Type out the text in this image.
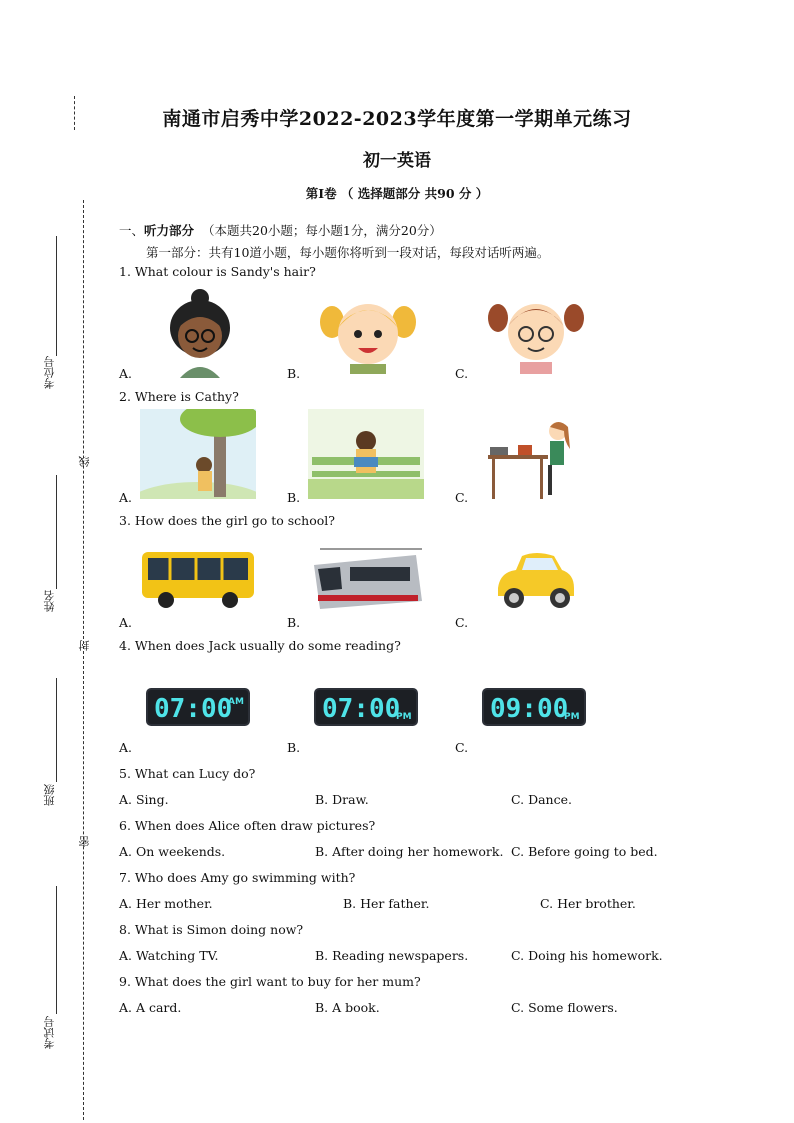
考位号
线
姓名
封
班级
密
考试号
南通市启秀中学2022-2023学年度第一学期单元练习
初一英语
第Ⅰ卷 （ 选择题部分 共90 分 ）
一、听力部分 （本题共20小题；每小题1分，满分20分）
第一部分：共有10道小题，每小题你将听到一段对话，每段对话听两遍。
1. What colour is Sandy's hair?
A.	B.	C.
2. Where is Cathy?
A.	B.	C.
3. How does the girl go to school?
A.	B.	C.
4. When does Jack usually do some reading?
07:00
AM	07:00
PM	09:00
PM
A.	B.	C.
5. What can Lucy do?
A. Sing.	B. Draw.	C. Dance.
6. When does Alice often draw pictures?
A. On weekends.	B. After doing her homework. C. Before going to bed.
7. Who does Amy go swimming with?
A. Her mother.	B. Her father.	C. Her brother.
8. What is Simon doing now?
A. Watching TV.	B. Reading newspapers.	C. Doing his homework.
9. What does the girl want to buy for her mum?
A. A card.	B. A book.	C. Some flowers.
